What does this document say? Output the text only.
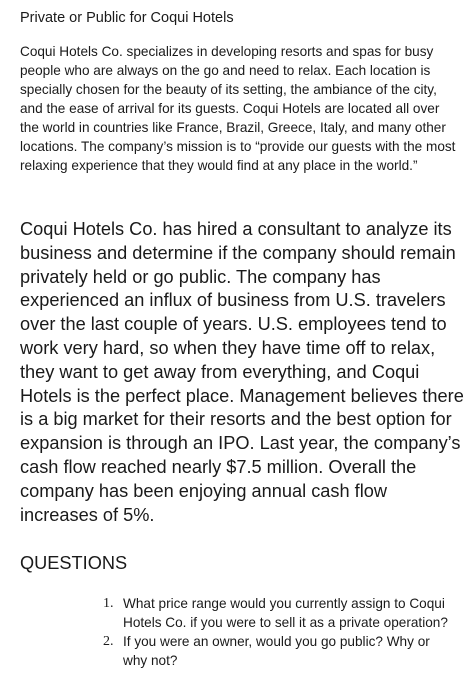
Private or Public for Coqui Hotels

Coqui Hotels Co. specializes in developing resorts and spas for busy people who are always on the go and need to relax. Each location is specially chosen for the beauty of its setting, the ambiance of the city, and the ease of arrival for its guests. Coqui Hotels are located all over the world in countries like France, Brazil, Greece, Italy, and many other locations. The company’s mission is to “provide our guests with the most relaxing experience that they would find at any place in the world.”

Coqui Hotels Co. has hired a consultant to analyze its business and determine if the company should remain privately held or go public. The company has experienced an influx of business from U.S. travelers over the last couple of years. U.S. employees tend to work very hard, so when they have time off to relax, they want to get away from everything, and Coqui Hotels is the perfect place. Management believes there is a big market for their resorts and the best option for expansion is through an IPO. Last year, the company’s cash flow reached nearly $7.5 million. Overall the company has been enjoying annual cash flow increases of 5%.

QUESTIONS
1. What price range would you currently assign to Coqui Hotels Co. if you were to sell it as a private operation?
2. If you were an owner, would you go public? Why or why not?
